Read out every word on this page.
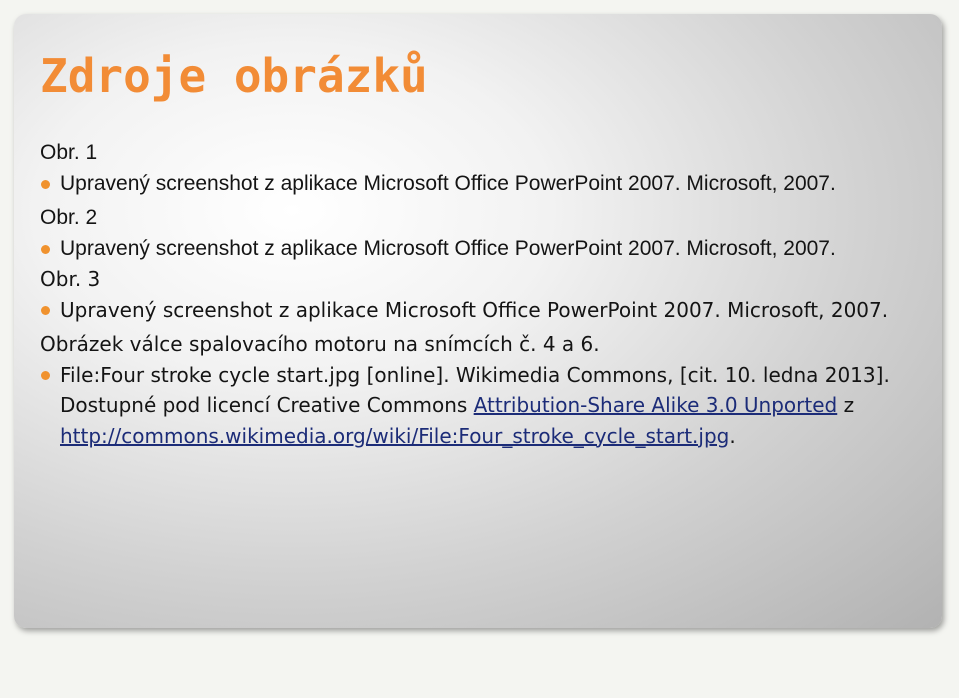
Zdroje obrázků

Obr. 1

Upravený screenshot z aplikace Microsoft Office PowerPoint 2007. Microsoft, 2007.

Obr. 2

Upravený screenshot z aplikace Microsoft Office PowerPoint 2007. Microsoft, 2007.

Obr. 3

Upravený screenshot z aplikace Microsoft Office PowerPoint 2007. Microsoft, 2007.

Obrázek válce spalovacího motoru na snímcích č. 4 a 6.

File:Four stroke cycle start.jpg [online]. Wikimedia Commons, [cit. 10. ledna 2013]. Dostupné pod licencí Creative Commons Attribution-Share Alike 3.0 Unported z http://commons.wikimedia.org/wiki/File:Four_stroke_cycle_start.jpg.
